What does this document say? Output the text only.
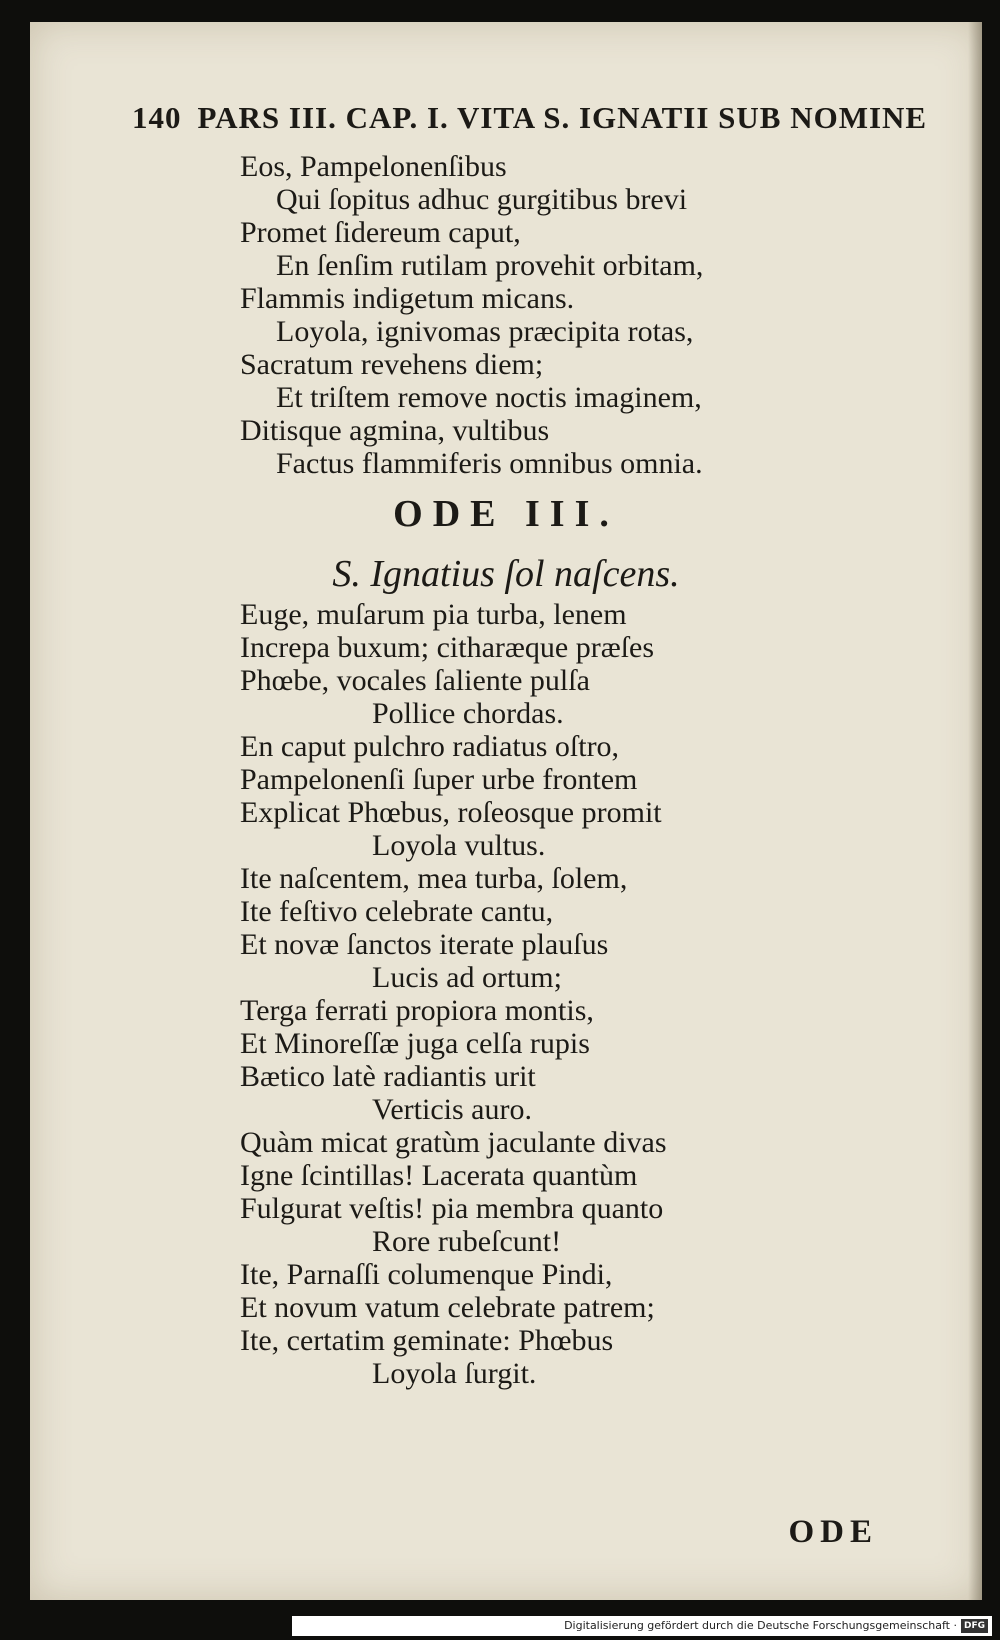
140 PARS III. CAP. I. VITA S. IGNATII SUB NOMINE
Eos, Pampelonenſibus
Qui ſopitus adhuc gurgitibus brevi
Promet ſidereum caput,
En ſenſim rutilam provehit orbitam,
Flammis indigetum micans.
Loyola, ignivomas præcipita rotas,
Sacratum revehens diem;
Et triſtem remove noctis imaginem,
Ditisque agmina, vultibus
Factus flammiferis omnibus omnia.
ODE III.
S. Ignatius ſol naſcens.
Euge, muſarum pia turba, lenem
Increpa buxum; citharæque præſes
Phœbe, vocales ſaliente pulſa
Pollice chordas.
En caput pulchro radiatus oſtro,
Pampelonenſi ſuper urbe frontem
Explicat Phœbus, roſeosque promit
Loyola vultus.
Ite naſcentem, mea turba, ſolem,
Ite feſtivo celebrate cantu,
Et novæ ſanctos iterate plauſus
Lucis ad ortum;
Terga ferrati propiora montis,
Et Minoreſſæ juga celſa rupis
Bætico latè radiantis urit
Verticis auro.
Quàm micat gratùm jaculante divas
Igne ſcintillas! Lacerata quantùm
Fulgurat veſtis! pia membra quanto
Rore rubeſcunt!
Ite, Parnaſſi columenque Pindi,
Et novum vatum celebrate patrem;
Ite, certatim geminate: Phœbus
Loyola ſurgit.
ODE
Digitalisierung gefördert durch die Deutsche Forschungsgemeinschaft · DFG
